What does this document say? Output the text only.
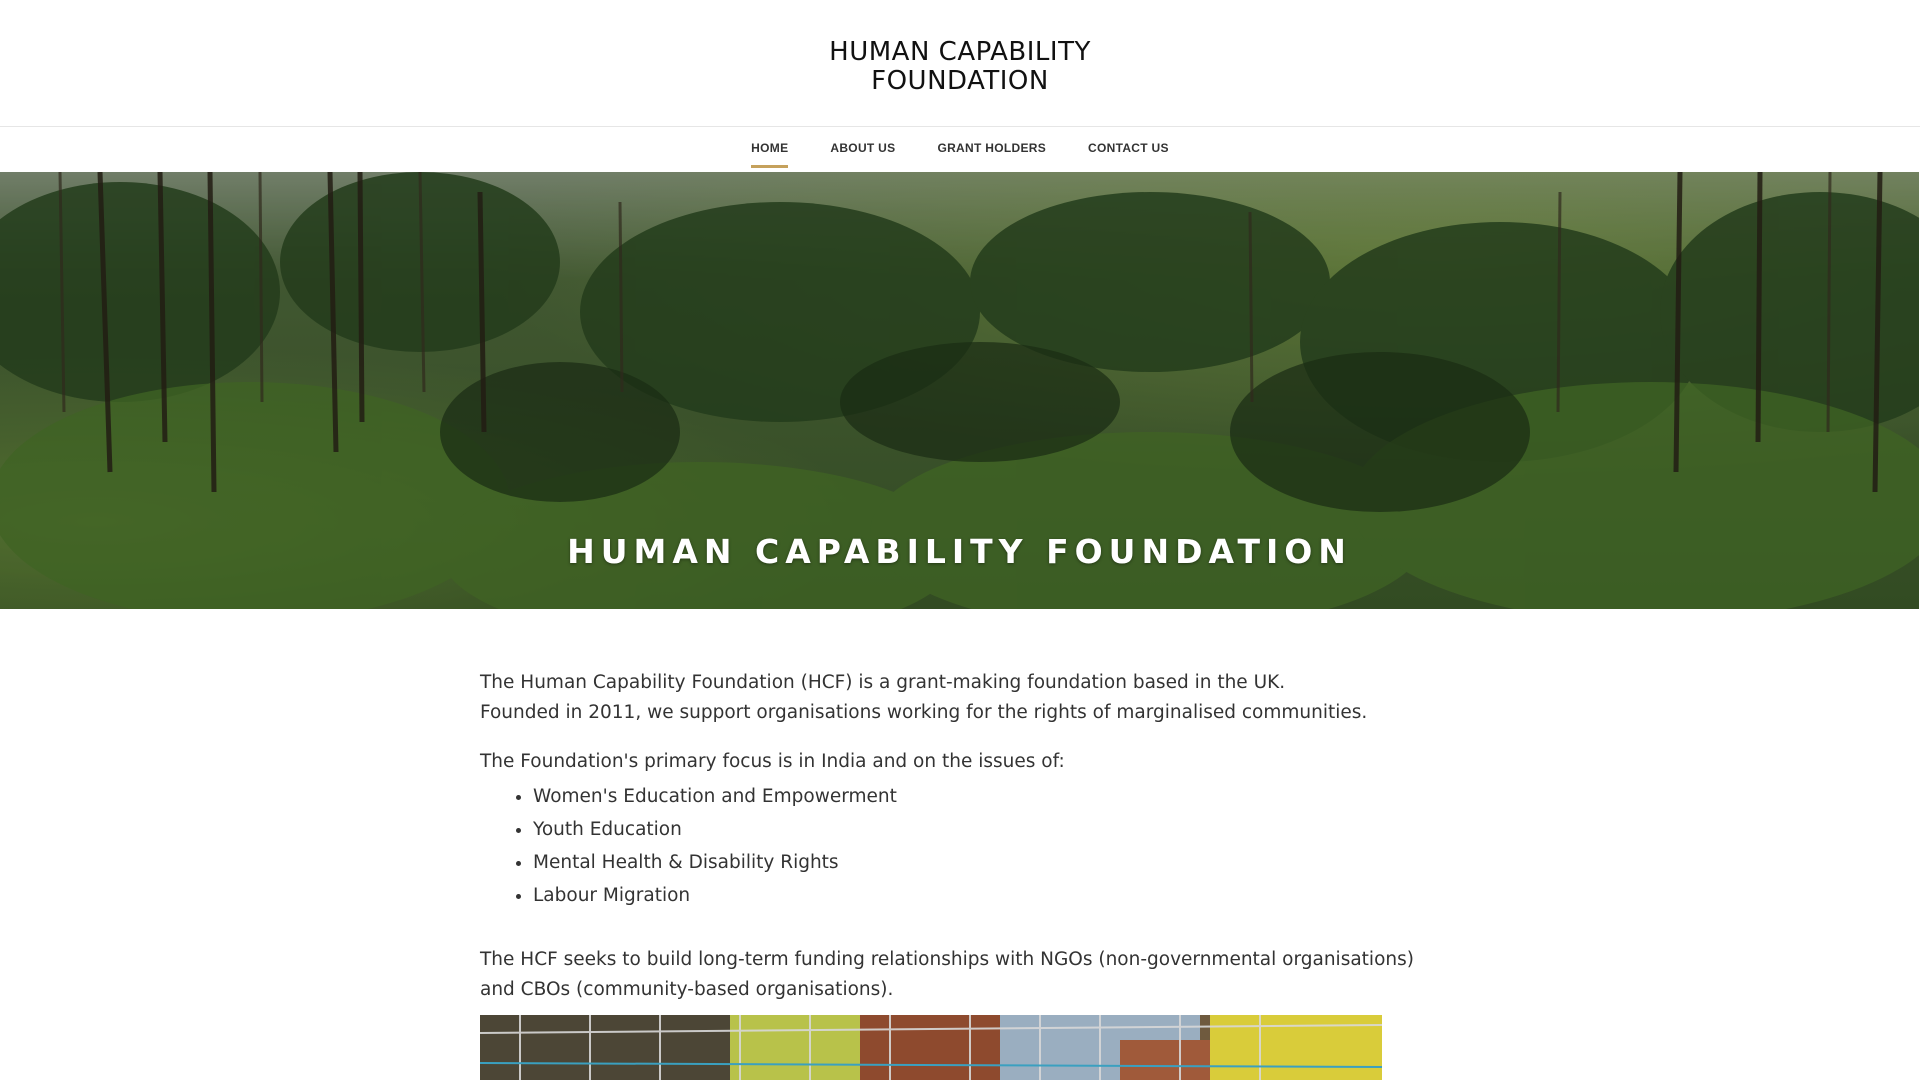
HUMAN CAPABILITY
FOUNDATION
HOME	ABOUT US	GRANT HOLDERS	CONTACT US
HUMAN CAPABILITY FOUNDATION

The Human Capability Foundation (HCF) is a grant-making foundation based in the UK.
Founded in 2011, we support organisations working for the rights of marginalised communities.

The Foundation's primary focus is in India and on the issues of:

• Women's Education and Empowerment
• Youth Education
• Mental Health & Disability Rights
• Labour Migration

The HCF seeks to build long-term funding relationships with NGOs (non-governmental organisations) and CBOs (community-based organisations).
